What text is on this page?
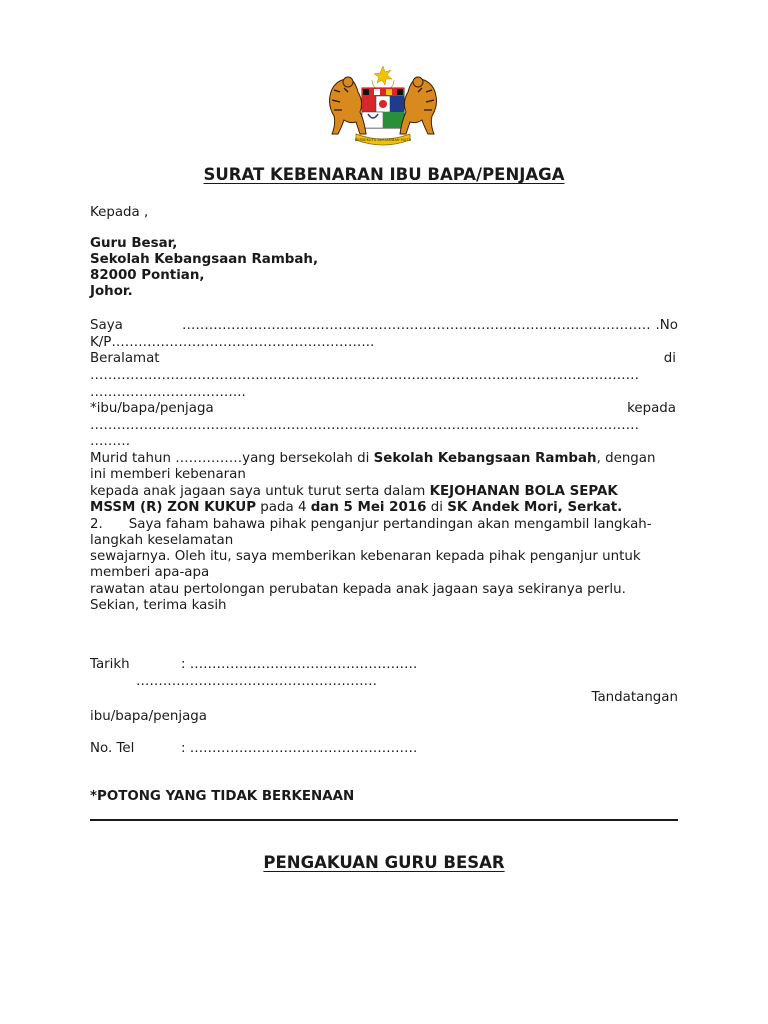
BERSEKUTU BERTAMBAH MUTU
SURAT KEBENARAN IBU BAPA/PENJAGA
Kepada ,
Guru Besar,
Sekolah Kebangsaan Rambah,
82000 Pontian,
Johor.
Saya	…………………………………………………………………………………………… .No
K/P…………………………………………………..
Beralamat	di
……………………………………………………………………………………………………………
……………………………..
*ibu/bapa/penjaga	kepada
……………………………………………………………………………………………………………
………
Murid tahun ……………yang bersekolah di Sekolah Kebangsaan Rambah, dengan
ini memberi kebenaran
kepada anak jagaan saya untuk turut serta dalam KEJOHANAN BOLA SEPAK
MSSM (R) ZON KUKUP pada 4 dan 5 Mei 2016 di SK Andek Mori, Serkat.
2. Saya faham bahawa pihak penganjur pertandingan akan mengambil langkah-
langkah keselamatan
sewajarnya. Oleh itu, saya memberikan kebenaran kepada pihak penganjur untuk
memberi apa-apa
rawatan atau pertolongan perubatan kepada anak jagaan saya sekiranya perlu.
Sekian, terima kasih
Tarikh	: ……………………………………………
………………………………………………
Tandatangan
ibu/bapa/penjaga
No. Tel	: ……………………………………………
*POTONG YANG TIDAK BERKENAAN
PENGAKUAN GURU BESAR
